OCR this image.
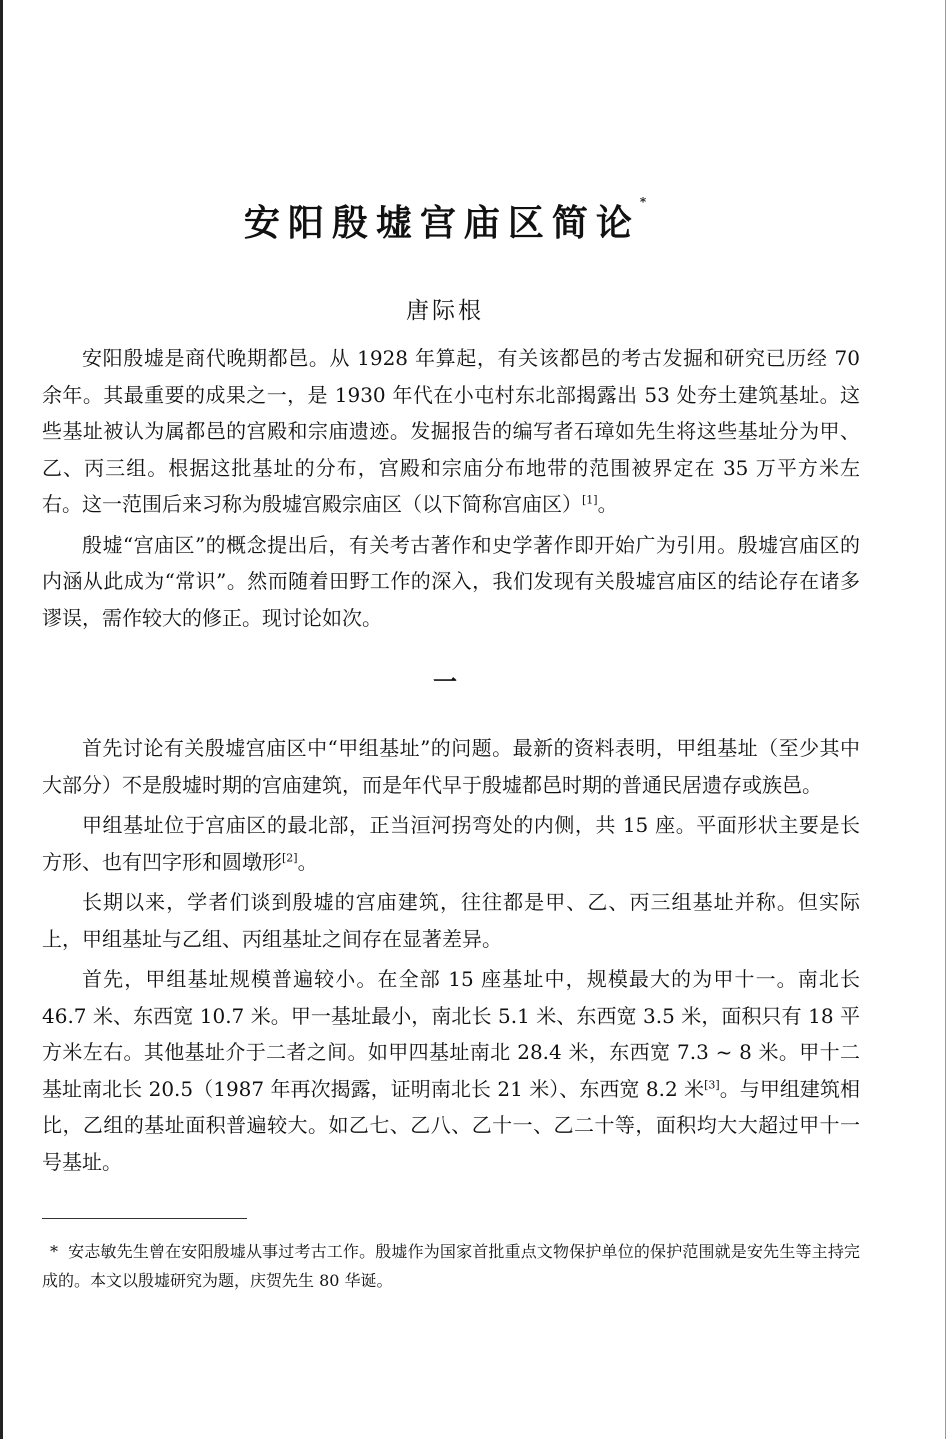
安阳殷墟宫庙区简论*
唐际根

安阳殷墟是商代晚期都邑。从 1928 年算起，有关该都邑的考古发掘和研究已历经 70 余年。其最重要的成果之一，是 1930 年代在小屯村东北部揭露出 53 处夯土建筑基址。这些基址被认为属都邑的宫殿和宗庙遗迹。发掘报告的编写者石璋如先生将这些基址分为甲、乙、丙三组。根据这批基址的分布，宫殿和宗庙分布地带的范围被界定在 35 万平方米左右。这一范围后来习称为殷墟宫殿宗庙区（以下简称宫庙区）[1]。

殷墟“宫庙区”的概念提出后，有关考古著作和史学著作即开始广为引用。殷墟宫庙区的内涵从此成为“常识”。然而随着田野工作的深入，我们发现有关殷墟宫庙区的结论存在诸多谬误，需作较大的修正。现讨论如次。

一

首先讨论有关殷墟宫庙区中“甲组基址”的问题。最新的资料表明，甲组基址（至少其中大部分）不是殷墟时期的宫庙建筑，而是年代早于殷墟都邑时期的普通民居遗存或族邑。

甲组基址位于宫庙区的最北部，正当洹河拐弯处的内侧，共 15 座。平面形状主要是长方形、也有凹字形和圆墩形[2]。

长期以来，学者们谈到殷墟的宫庙建筑，往往都是甲、乙、丙三组基址并称。但实际上，甲组基址与乙组、丙组基址之间存在显著差异。

首先，甲组基址规模普遍较小。在全部 15 座基址中，规模最大的为甲十一。南北长 46.7 米、东西宽 10.7 米。甲一基址最小，南北长 5.1 米、东西宽 3.5 米，面积只有 18 平方米左右。其他基址介于二者之间。如甲四基址南北 28.4 米，东西宽 7.3 ~ 8 米。甲十二基址南北长 20.5（1987 年再次揭露，证明南北长 21 米）、东西宽 8.2 米[3]。与甲组建筑相比，乙组的基址面积普遍较大。如乙七、乙八、乙十一、乙二十等，面积均大大超过甲十一号基址。

* 安志敏先生曾在安阳殷墟从事过考古工作。殷墟作为国家首批重点文物保护单位的保护范围就是安先生等主持完成的。本文以殷墟研究为题，庆贺先生 80 华诞。
